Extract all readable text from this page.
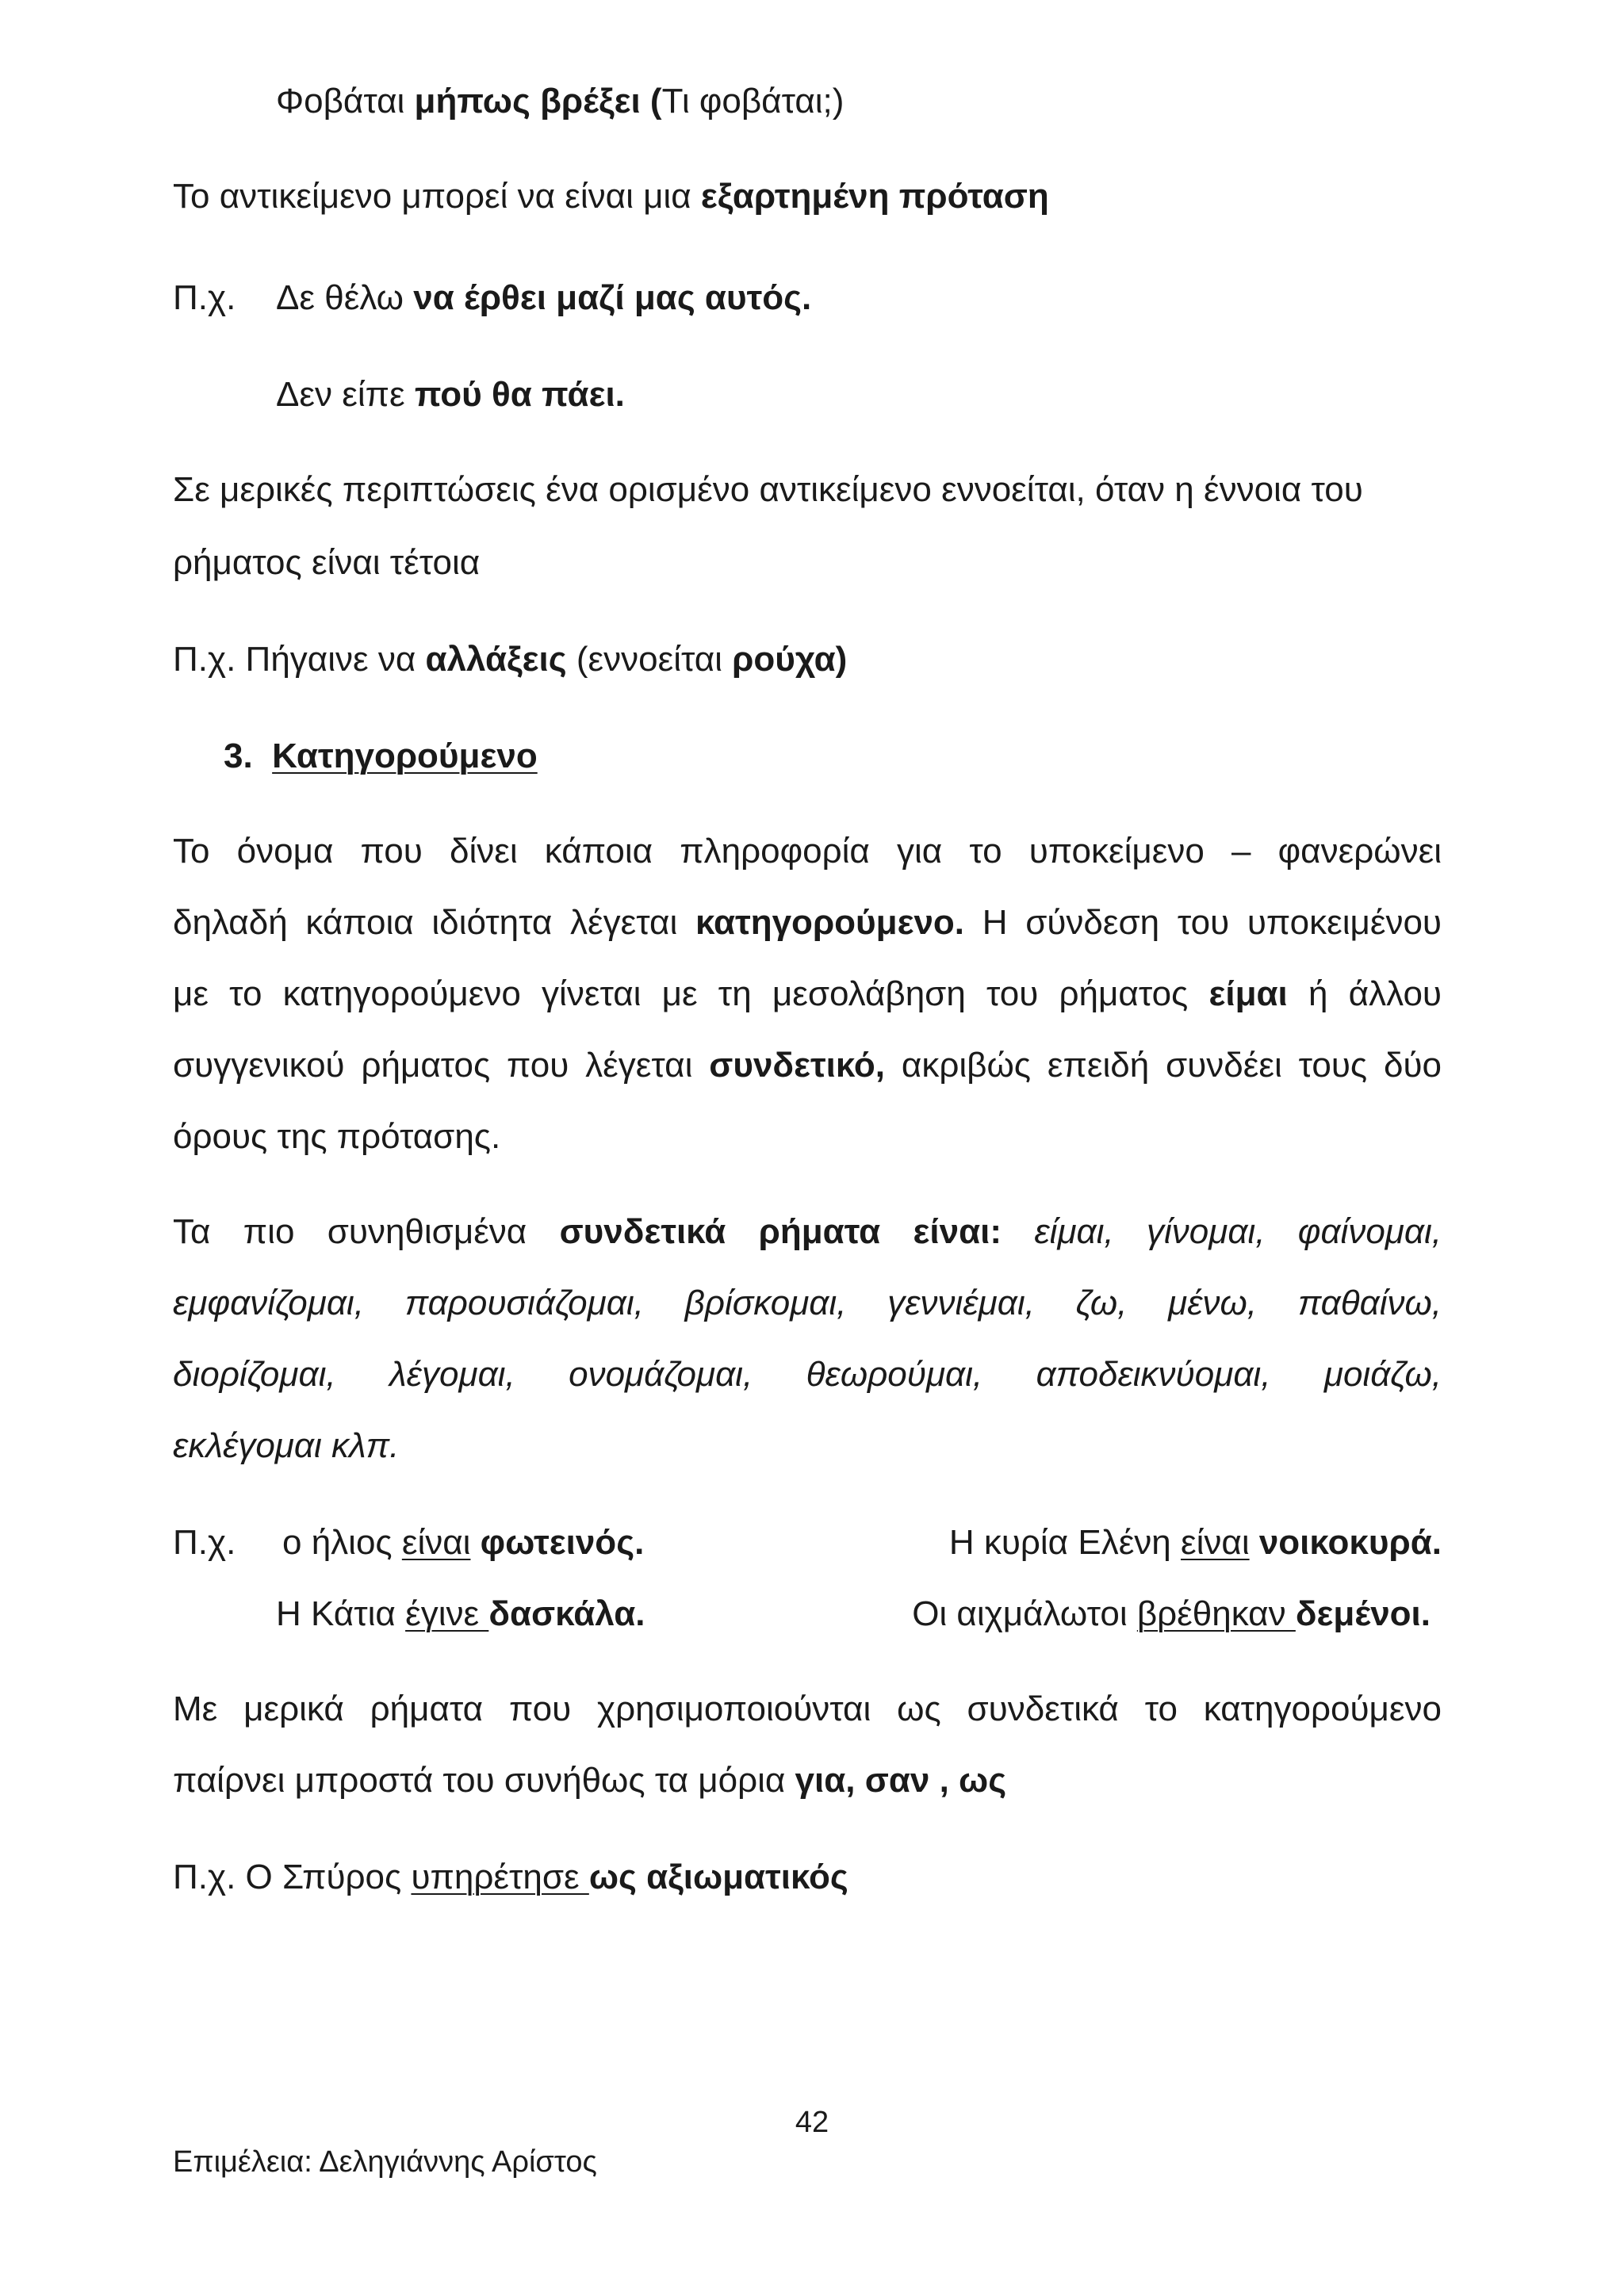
Φοβάται μήπως βρέξει (Τι φοβάται;)
Το αντικείμενο μπορεί να είναι μια εξαρτημένη πρόταση
Π.χ. Δε θέλω να έρθει μαζί μας αυτός.
Δεν είπε πού θα πάει.
Σε μερικές περιπτώσεις ένα ορισμένο αντικείμενο εννοείται, όταν η έννοια του
ρήματος είναι τέτοια
Π.χ. Πήγαινε να αλλάξεις (εννοείται ρούχα)
3. Κατηγορούμενο
Το όνομα που δίνει κάποια πληροφορία για το υποκείμενο – φανερώνει
δηλαδή κάποια ιδιότητα λέγεται κατηγορούμενο. Η σύνδεση του υποκειμένου
με το κατηγορούμενο γίνεται με τη μεσολάβηση του ρήματος είμαι ή άλλου
συγγενικού ρήματος που λέγεται συνδετικό, ακριβώς επειδή συνδέει τους δύο
όρους της πρότασης.
Τα πιο συνηθισμένα συνδετικά ρήματα είναι: είμαι, γίνομαι, φαίνομαι,
εμφανίζομαι, παρουσιάζομαι, βρίσκομαι, γεννιέμαι, ζω, μένω, παθαίνω,
διορίζομαι, λέγομαι, ονομάζομαι, θεωρούμαι, αποδεικνύομαι, μοιάζω,
εκλέγομαι κλπ.
Π.χ. ο ήλιος είναι φωτεινός.	Η κυρία Ελένη είναι νοικοκυρά.
Η Κάτια έγινε δασκάλα.	Οι αιχμάλωτοι βρέθηκαν δεμένοι.
Με μερικά ρήματα που χρησιμοποιούνται ως συνδετικά το κατηγορούμενο
παίρνει μπροστά του συνήθως τα μόρια για, σαν , ως
Π.χ. Ο Σπύρος υπηρέτησε ως αξιωματικός
42
Επιμέλεια: Δεληγιάννης Αρίστος
